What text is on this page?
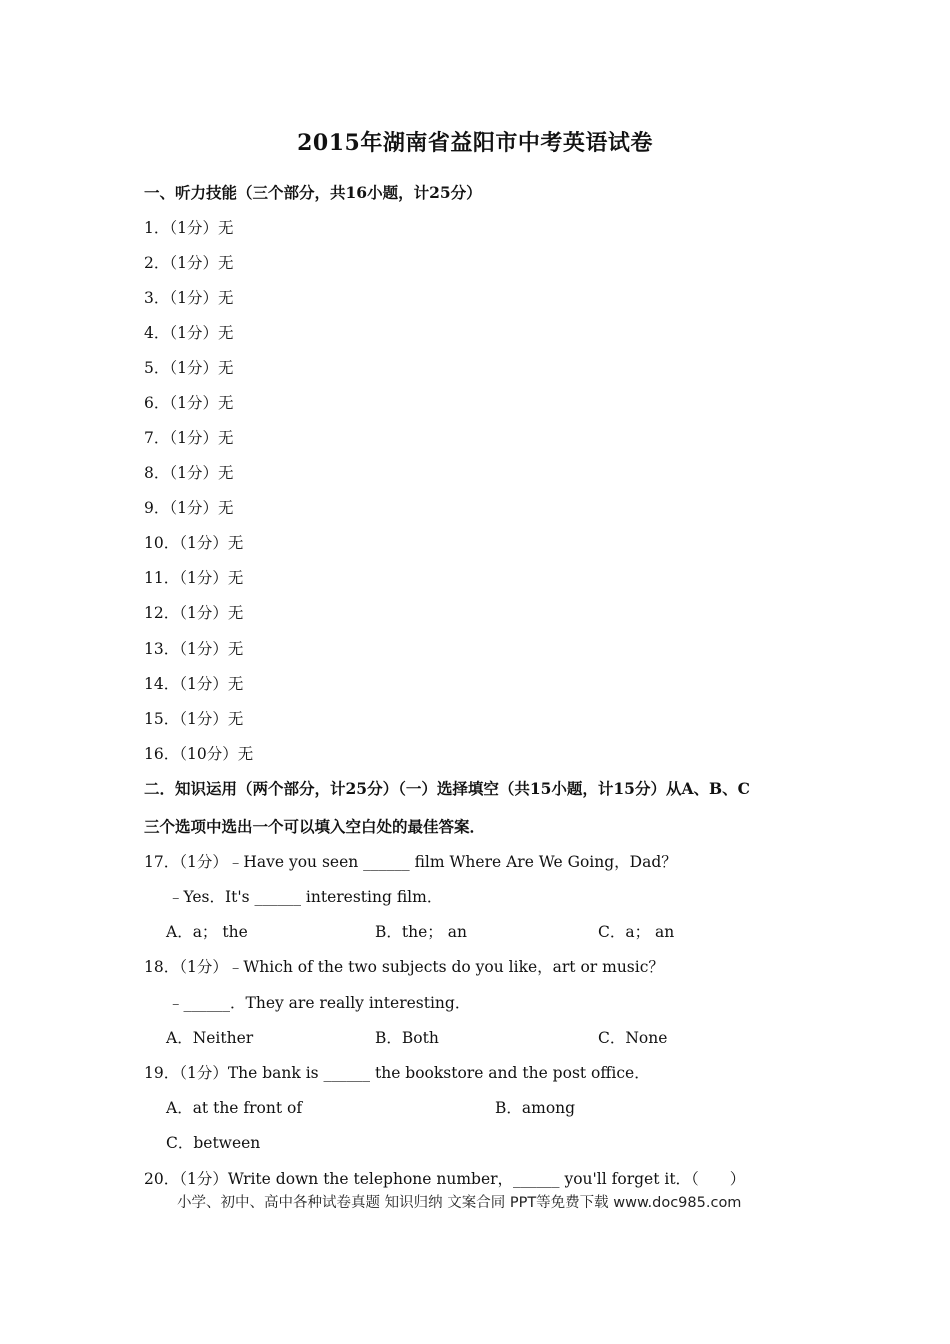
2015年湖南省益阳市中考英语试卷
一、听力技能（三个部分，共16小题，计25分）
1．（1分）无
2．（1分）无
3．（1分）无
4．（1分）无
5．（1分）无
6．（1分）无
7．（1分）无
8．（1分）无
9．（1分）无
10．（1分）无
11．（1分）无
12．（1分）无
13．（1分）无
14．（1分）无
15．（1分）无
16．（10分）无
二．知识运用（两个部分，计25分）（一）选择填空（共15小题，计15分）从A、B、C
三个选项中选出一个可以填入空白处的最佳答案．
17．（1分）﹣Have you seen ______ film Where Are We Going，Dad？
﹣Yes．It's ______ interesting film．
A．a； the	B．the； an	C．a； an
18．（1分）﹣Which of the two subjects do you like，art or music？
﹣______．They are really interesting．
A．Neither	B．Both	C．None
19．（1分）The bank is ______ the bookstore and the post office．
A．at the front of	B．among
C．between
20．（1分）Write down the telephone number，______ you'll forget it．（　　）
小学、初中、高中各种试卷真题 知识归纳 文案合同 PPT等免费下载 www.doc985.com
